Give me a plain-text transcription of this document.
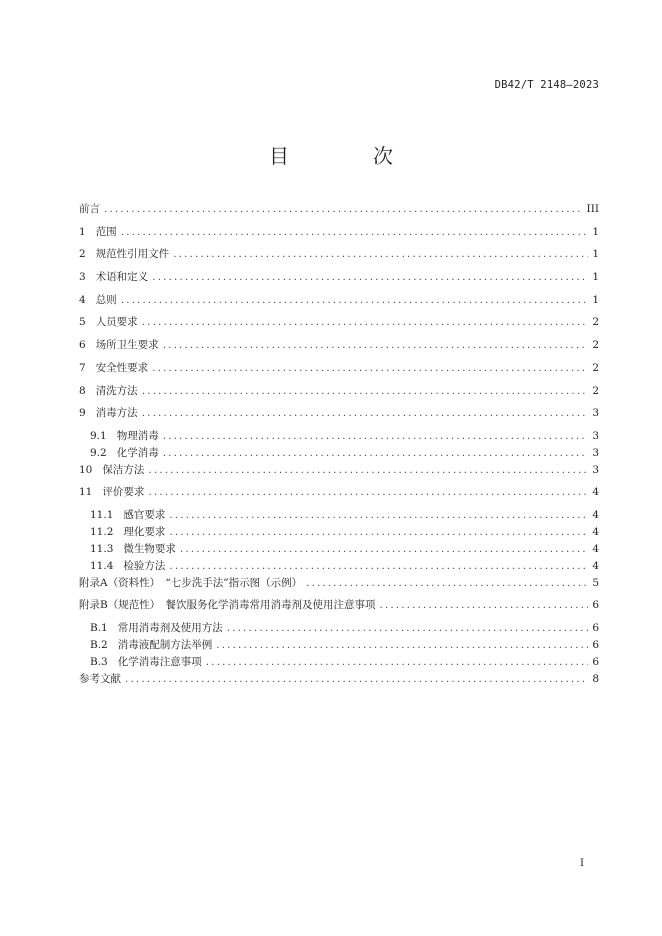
DB42/T 2148—2023
目　次
前言 .....	III
1 范围 .....	1
2 规范性引用文件 .....	1
3 术语和定义 .....	1
4 总则 .....	1
5 人员要求 .....	2
6 场所卫生要求 .....	2
7 安全性要求 .....	2
8 清洗方法 .....	2
9 消毒方法 .....	3
9.1 物理消毒 .....	3
9.2 化学消毒 .....	3
10 保洁方法 .....	3
11 评价要求 .....	4
11.1 感官要求 .....	4
11.2 理化要求 .....	4
11.3 微生物要求 .....	4
11.4 检验方法 .....	4
附录A（资料性）　“七步洗手法”指示图（示例） .....	5
附录B（规范性）　餐饮服务化学消毒常用消毒剂及使用注意事项 .....	6
B.1 常用消毒剂及使用方法 .....	6
B.2 消毒液配制方法举例 .....	6
B.3 化学消毒注意事项 .....	6
参考文献 .....	8
I
